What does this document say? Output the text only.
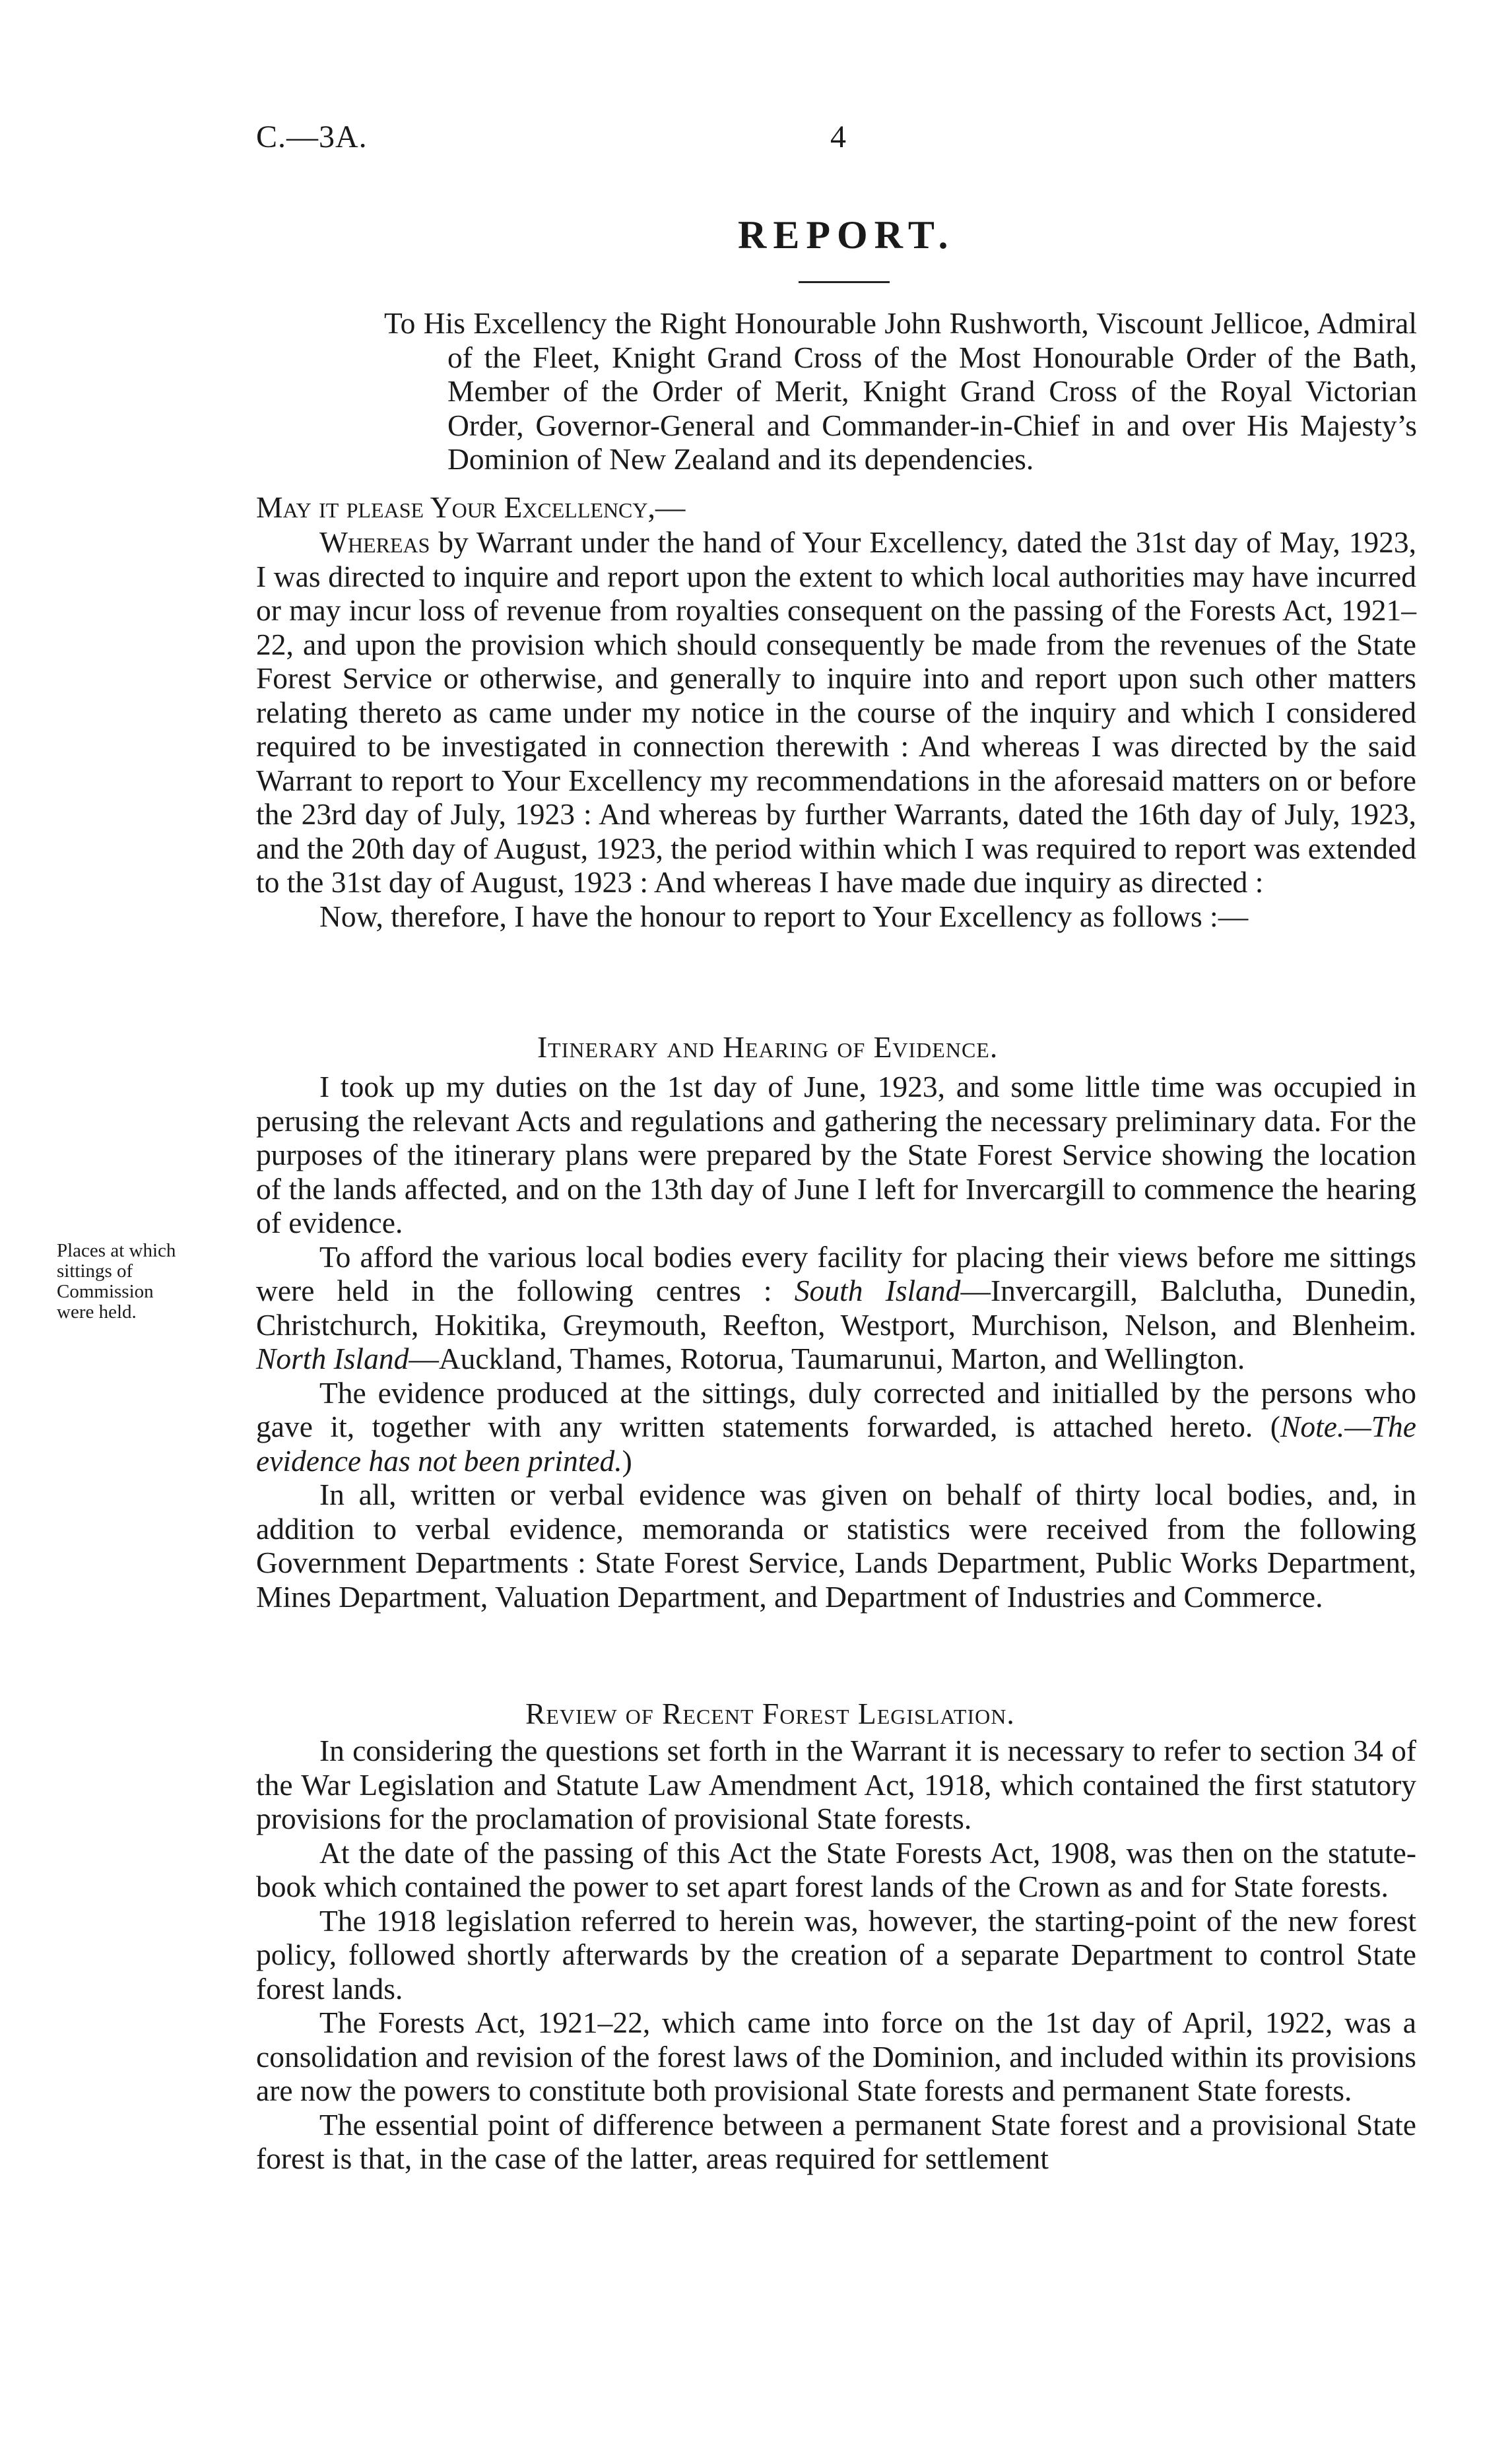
C.—3A.	4
REPORT.
To His Excellency the Right Honourable John Rushworth, Viscount Jellicoe, Admiral of the Fleet, Knight Grand Cross of the Most Honourable Order of the Bath, Member of the Order of Merit, Knight Grand Cross of the Royal Victorian Order, Governor-General and Commander-in-Chief in and over His Majesty’s Dominion of New Zealand and its dependencies.
May it please Your Excellency,—

Whereas by Warrant under the hand of Your Excellency, dated the 31st day of May, 1923, I was directed to inquire and report upon the extent to which local authorities may have incurred or may incur loss of revenue from royalties consequent on the passing of the Forests Act, 1921–22, and upon the provision which should consequently be made from the revenues of the State Forest Service or otherwise, and generally to inquire into and report upon such other matters relating thereto as came under my notice in the course of the inquiry and which I considered required to be investigated in connection therewith : And whereas I was directed by the said Warrant to report to Your Excellency my recommendations in the aforesaid matters on or before the 23rd day of July, 1923 : And whereas by further Warrants, dated the 16th day of July, 1923, and the 20th day of August, 1923, the period within which I was required to report was extended to the 31st day of August, 1923 : And whereas I have made due inquiry as directed :

Now, therefore, I have the honour to report to Your Excellency as follows :—

Itinerary and Hearing of Evidence.
Places at which
sittings of
Commission
were held.

I took up my duties on the 1st day of June, 1923, and some little time was occupied in perusing the relevant Acts and regulations and gathering the necessary preliminary data. For the purposes of the itinerary plans were prepared by the State Forest Service showing the location of the lands affected, and on the 13th day of June I left for Invercargill to commence the hearing of evidence.

To afford the various local bodies every facility for placing their views before me sittings were held in the following centres : South Island—Invercargill, Balclutha, Dunedin, Christchurch, Hokitika, Greymouth, Reefton, Westport, Murchison, Nelson, and Blenheim. North Island—Auckland, Thames, Rotorua, Taumarunui, Marton, and Wellington.

The evidence produced at the sittings, duly corrected and initialled by the persons who gave it, together with any written statements forwarded, is attached hereto. (Note.—The evidence has not been printed.)

In all, written or verbal evidence was given on behalf of thirty local bodies, and, in addition to verbal evidence, memoranda or statistics were received from the following Government Departments : State Forest Service, Lands Department, Public Works Department, Mines Department, Valuation Department, and Department of Industries and Commerce.

Review of Recent Forest Legislation.

In considering the questions set forth in the Warrant it is necessary to refer to section 34 of the War Legislation and Statute Law Amendment Act, 1918, which contained the first statutory provisions for the proclamation of provisional State forests.

At the date of the passing of this Act the State Forests Act, 1908, was then on the statute-book which contained the power to set apart forest lands of the Crown as and for State forests.

The 1918 legislation referred to herein was, however, the starting-point of the new forest policy, followed shortly afterwards by the creation of a separate Department to control State forest lands.

The Forests Act, 1921–22, which came into force on the 1st day of April, 1922, was a consolidation and revision of the forest laws of the Dominion, and included within its provisions are now the powers to constitute both provisional State forests and permanent State forests.

The essential point of difference between a permanent State forest and a provisional State forest is that, in the case of the latter, areas required for settlement
